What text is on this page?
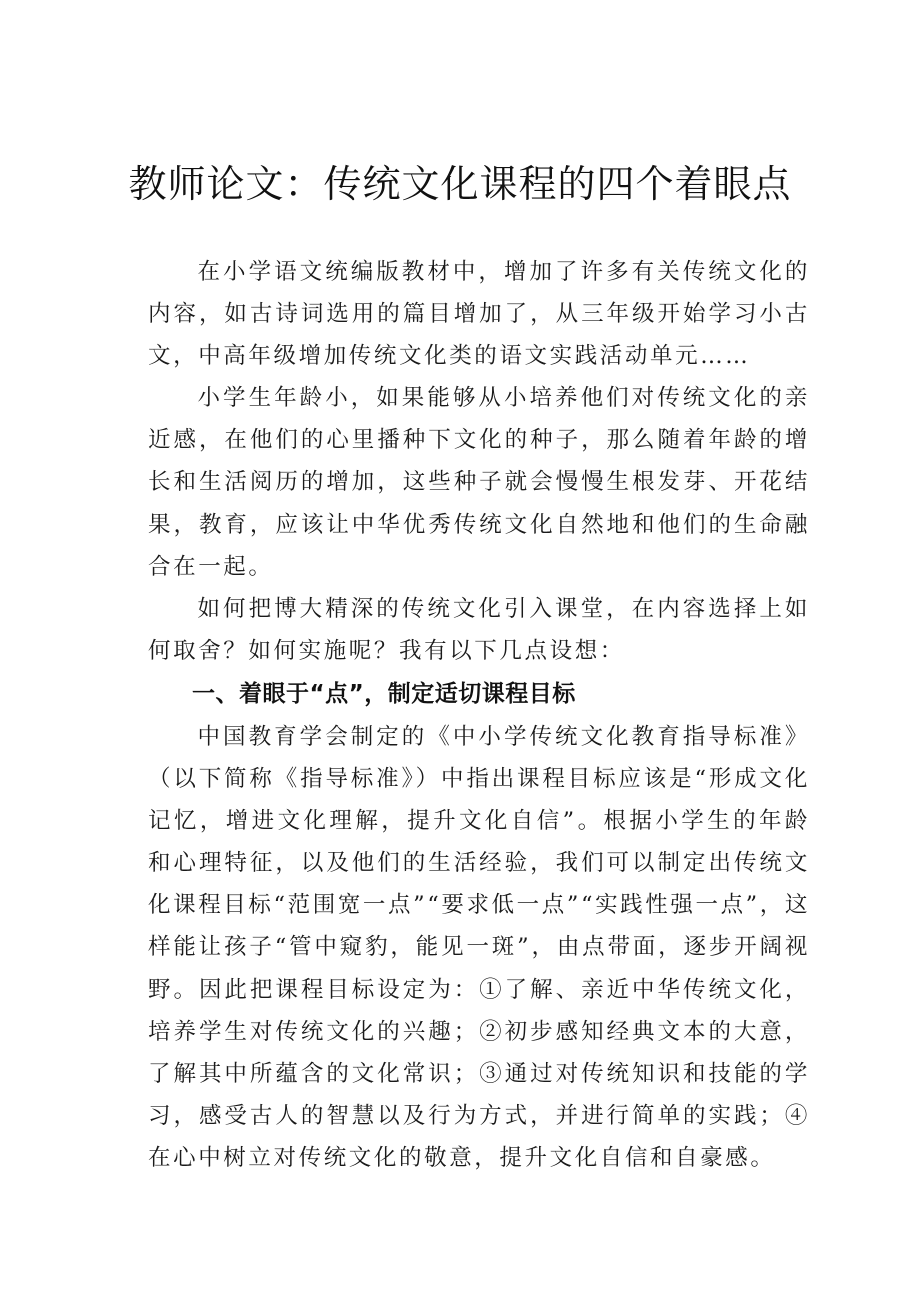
教师论文：传统文化课程的四个着眼点

在小学语文统编版教材中，增加了许多有关传统文化的内容，如古诗词选用的篇目增加了，从三年级开始学习小古文，中高年级增加传统文化类的语文实践活动单元……

小学生年龄小，如果能够从小培养他们对传统文化的亲近感，在他们的心里播种下文化的种子，那么随着年龄的增长和生活阅历的增加，这些种子就会慢慢生根发芽、开花结果，教育，应该让中华优秀传统文化自然地和他们的生命融合在一起。

如何把博大精深的传统文化引入课堂，在内容选择上如何取舍？如何实施呢？我有以下几点设想：

一、着眼于“点”，制定适切课程目标

中国教育学会制定的《中小学传统文化教育指导标准》（以下简称《指导标准》）中指出课程目标应该是“形成文化记忆，增进文化理解，提升文化自信”。根据小学生的年龄和心理特征，以及他们的生活经验，我们可以制定出传统文化课程目标“范围宽一点”“要求低一点”“实践性强一点”，这样能让孩子“管中窥豹，能见一斑”，由点带面，逐步开阔视野。因此把课程目标设定为：①了解、亲近中华传统文化，培养学生对传统文化的兴趣；②初步感知经典文本的大意，了解其中所蕴含的文化常识；③通过对传统知识和技能的学习，感受古人的智慧以及行为方式，并进行简单的实践；④在心中树立对传统文化的敬意，提升文化自信和自豪感。
